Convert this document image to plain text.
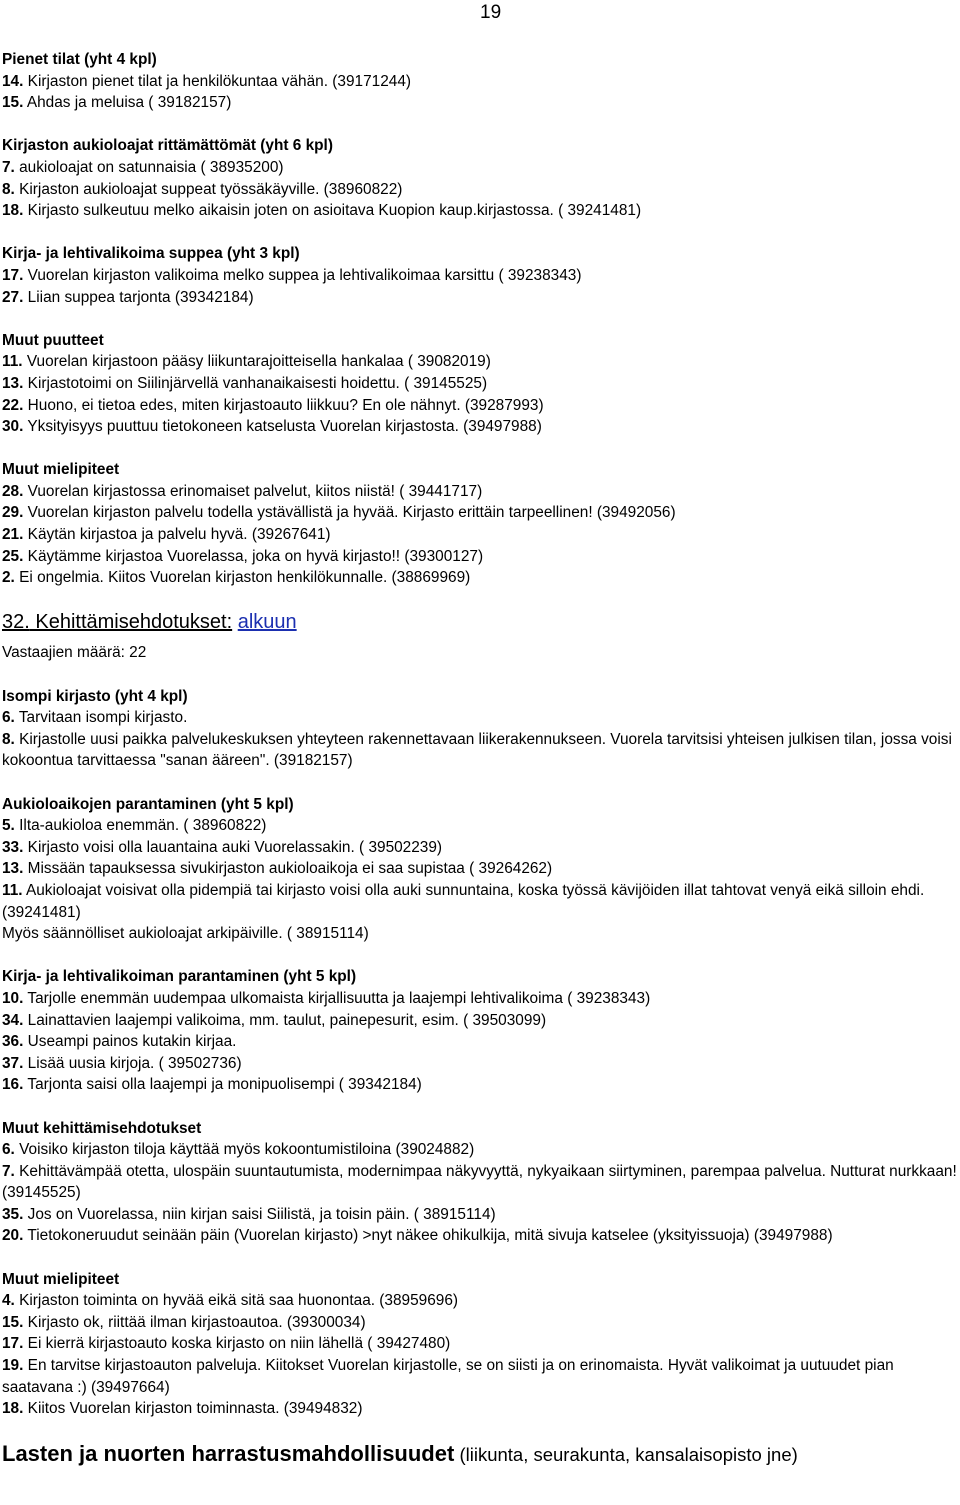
19
Pienet tilat (yht 4 kpl)
14. Kirjaston pienet tilat ja henkilökuntaa vähän. (39171244)
15. Ahdas ja meluisa ( 39182157)
Kirjaston aukioloajat rittämättömät (yht 6 kpl)
7. aukioloajat on satunnaisia ( 38935200)
8. Kirjaston aukioloajat suppeat työssäkäyville. (38960822)
18. Kirjasto sulkeutuu melko aikaisin joten on asioitava Kuopion kaup.kirjastossa. ( 39241481)
Kirja- ja lehtivalikoima suppea (yht 3 kpl)
17. Vuorelan kirjaston valikoima melko suppea ja lehtivalikoimaa karsittu ( 39238343)
27. Liian suppea tarjonta (39342184)
Muut puutteet
11. Vuorelan kirjastoon pääsy liikuntarajoitteisella hankalaa ( 39082019)
13. Kirjastotoimi on Siilinjärvellä vanhanaikaisesti hoidettu. ( 39145525)
22. Huono, ei tietoa edes, miten kirjastoauto liikkuu? En ole nähnyt. (39287993)
30. Yksityisyys puuttuu tietokoneen katselusta Vuorelan kirjastosta. (39497988)
Muut mielipiteet
28. Vuorelan kirjastossa erinomaiset palvelut, kiitos niistä! ( 39441717)
29. Vuorelan kirjaston palvelu todella ystävällistä ja hyvää. Kirjasto erittäin tarpeellinen! (39492056)
21. Käytän kirjastoa ja palvelu hyvä. (39267641)
25. Käytämme kirjastoa Vuorelassa, joka on hyvä kirjasto!! (39300127)
2. Ei ongelmia. Kiitos Vuorelan kirjaston henkilökunnalle. (38869969)
32. Kehittämisehdotukset: alkuun
Vastaajien määrä: 22
Isompi kirjasto (yht 4 kpl)
6. Tarvitaan isompi kirjasto.
8. Kirjastolle uusi paikka palvelukeskuksen yhteyteen rakennettavaan liikerakennukseen. Vuorela tarvitsisi yhteisen julkisen tilan, jossa voisi kokoontua tarvittaessa "sanan ääreen". (39182157)
Aukioloaikojen parantaminen (yht 5 kpl)
5. Ilta-aukioloa enemmän. ( 38960822)
33. Kirjasto voisi olla lauantaina auki Vuorelassakin. ( 39502239)
13. Missään tapauksessa sivukirjaston aukioloaikoja ei saa supistaa ( 39264262)
11. Aukioloajat voisivat olla pidempiä tai kirjasto voisi olla auki sunnuntaina, koska työssä kävijöiden illat tahtovat venyä eikä silloin ehdi.(39241481)
Myös säännölliset aukioloajat arkipäiville. ( 38915114)
Kirja- ja lehtivalikoiman parantaminen (yht 5 kpl)
10. Tarjolle enemmän uudempaa ulkomaista kirjallisuutta ja laajempi lehtivalikoima ( 39238343)
34. Lainattavien laajempi valikoima, mm. taulut, painepesurit, esim. ( 39503099)
36. Useampi painos kutakin kirjaa.
37. Lisää uusia kirjoja. ( 39502736)
16. Tarjonta saisi olla laajempi ja monipuolisempi ( 39342184)
Muut kehittämisehdotukset
6. Voisiko kirjaston tiloja käyttää myös kokoontumistiloina (39024882)
7. Kehittävämpää otetta, ulospäin suuntautumista, modernimpaa näkyvyyttä, nykyaikaan siirtyminen, parempaa palvelua. Nutturat nurkkaan! (39145525)
35. Jos on Vuorelassa, niin kirjan saisi Siilistä, ja toisin päin. ( 38915114)
20. Tietokoneruudut seinään päin (Vuorelan kirjasto) >nyt näkee ohikulkija, mitä sivuja katselee (yksityissuoja) (39497988)
Muut mielipiteet
4. Kirjaston toiminta on hyvää eikä sitä saa huonontaa. (38959696)
15. Kirjasto ok, riittää ilman kirjastoautoa. (39300034)
17. Ei kierrä kirjastoauto koska kirjasto on niin lähellä ( 39427480)
19. En tarvitse kirjastoauton palveluja. Kiitokset Vuorelan kirjastolle, se on siisti ja on erinomaista. Hyvät valikoimat ja uutuudet pian saatavana :) (39497664)
18. Kiitos Vuorelan kirjaston toiminnasta. (39494832)
Lasten ja nuorten harrastusmahdollisuudet (liikunta, seurakunta, kansalaisopisto jne)
